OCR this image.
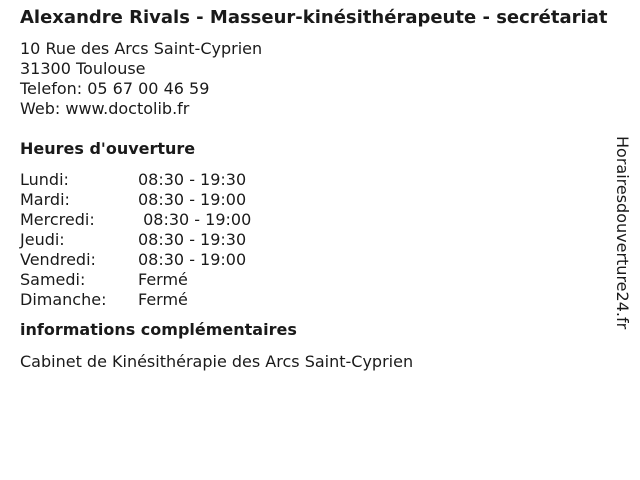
Alexandre Rivals - Masseur-kinésithérapeute - secrétariat
10 Rue des Arcs Saint-Cyprien
31300 Toulouse
Telefon: 05 67 00 46 59
Web: www.doctolib.fr
Heures d'ouverture
Lundi:	08:30 - 19:30
Mardi:	08:30 - 19:00
Mercredi:	08:30 - 19:00
Jeudi:	08:30 - 19:30
Vendredi:	08:30 - 19:00
Samedi:	Fermé
Dimanche:	Fermé
informations complémentaires
Cabinet de Kinésithérapie des Arcs Saint-Cyprien
Horairesdouverture24.fr
